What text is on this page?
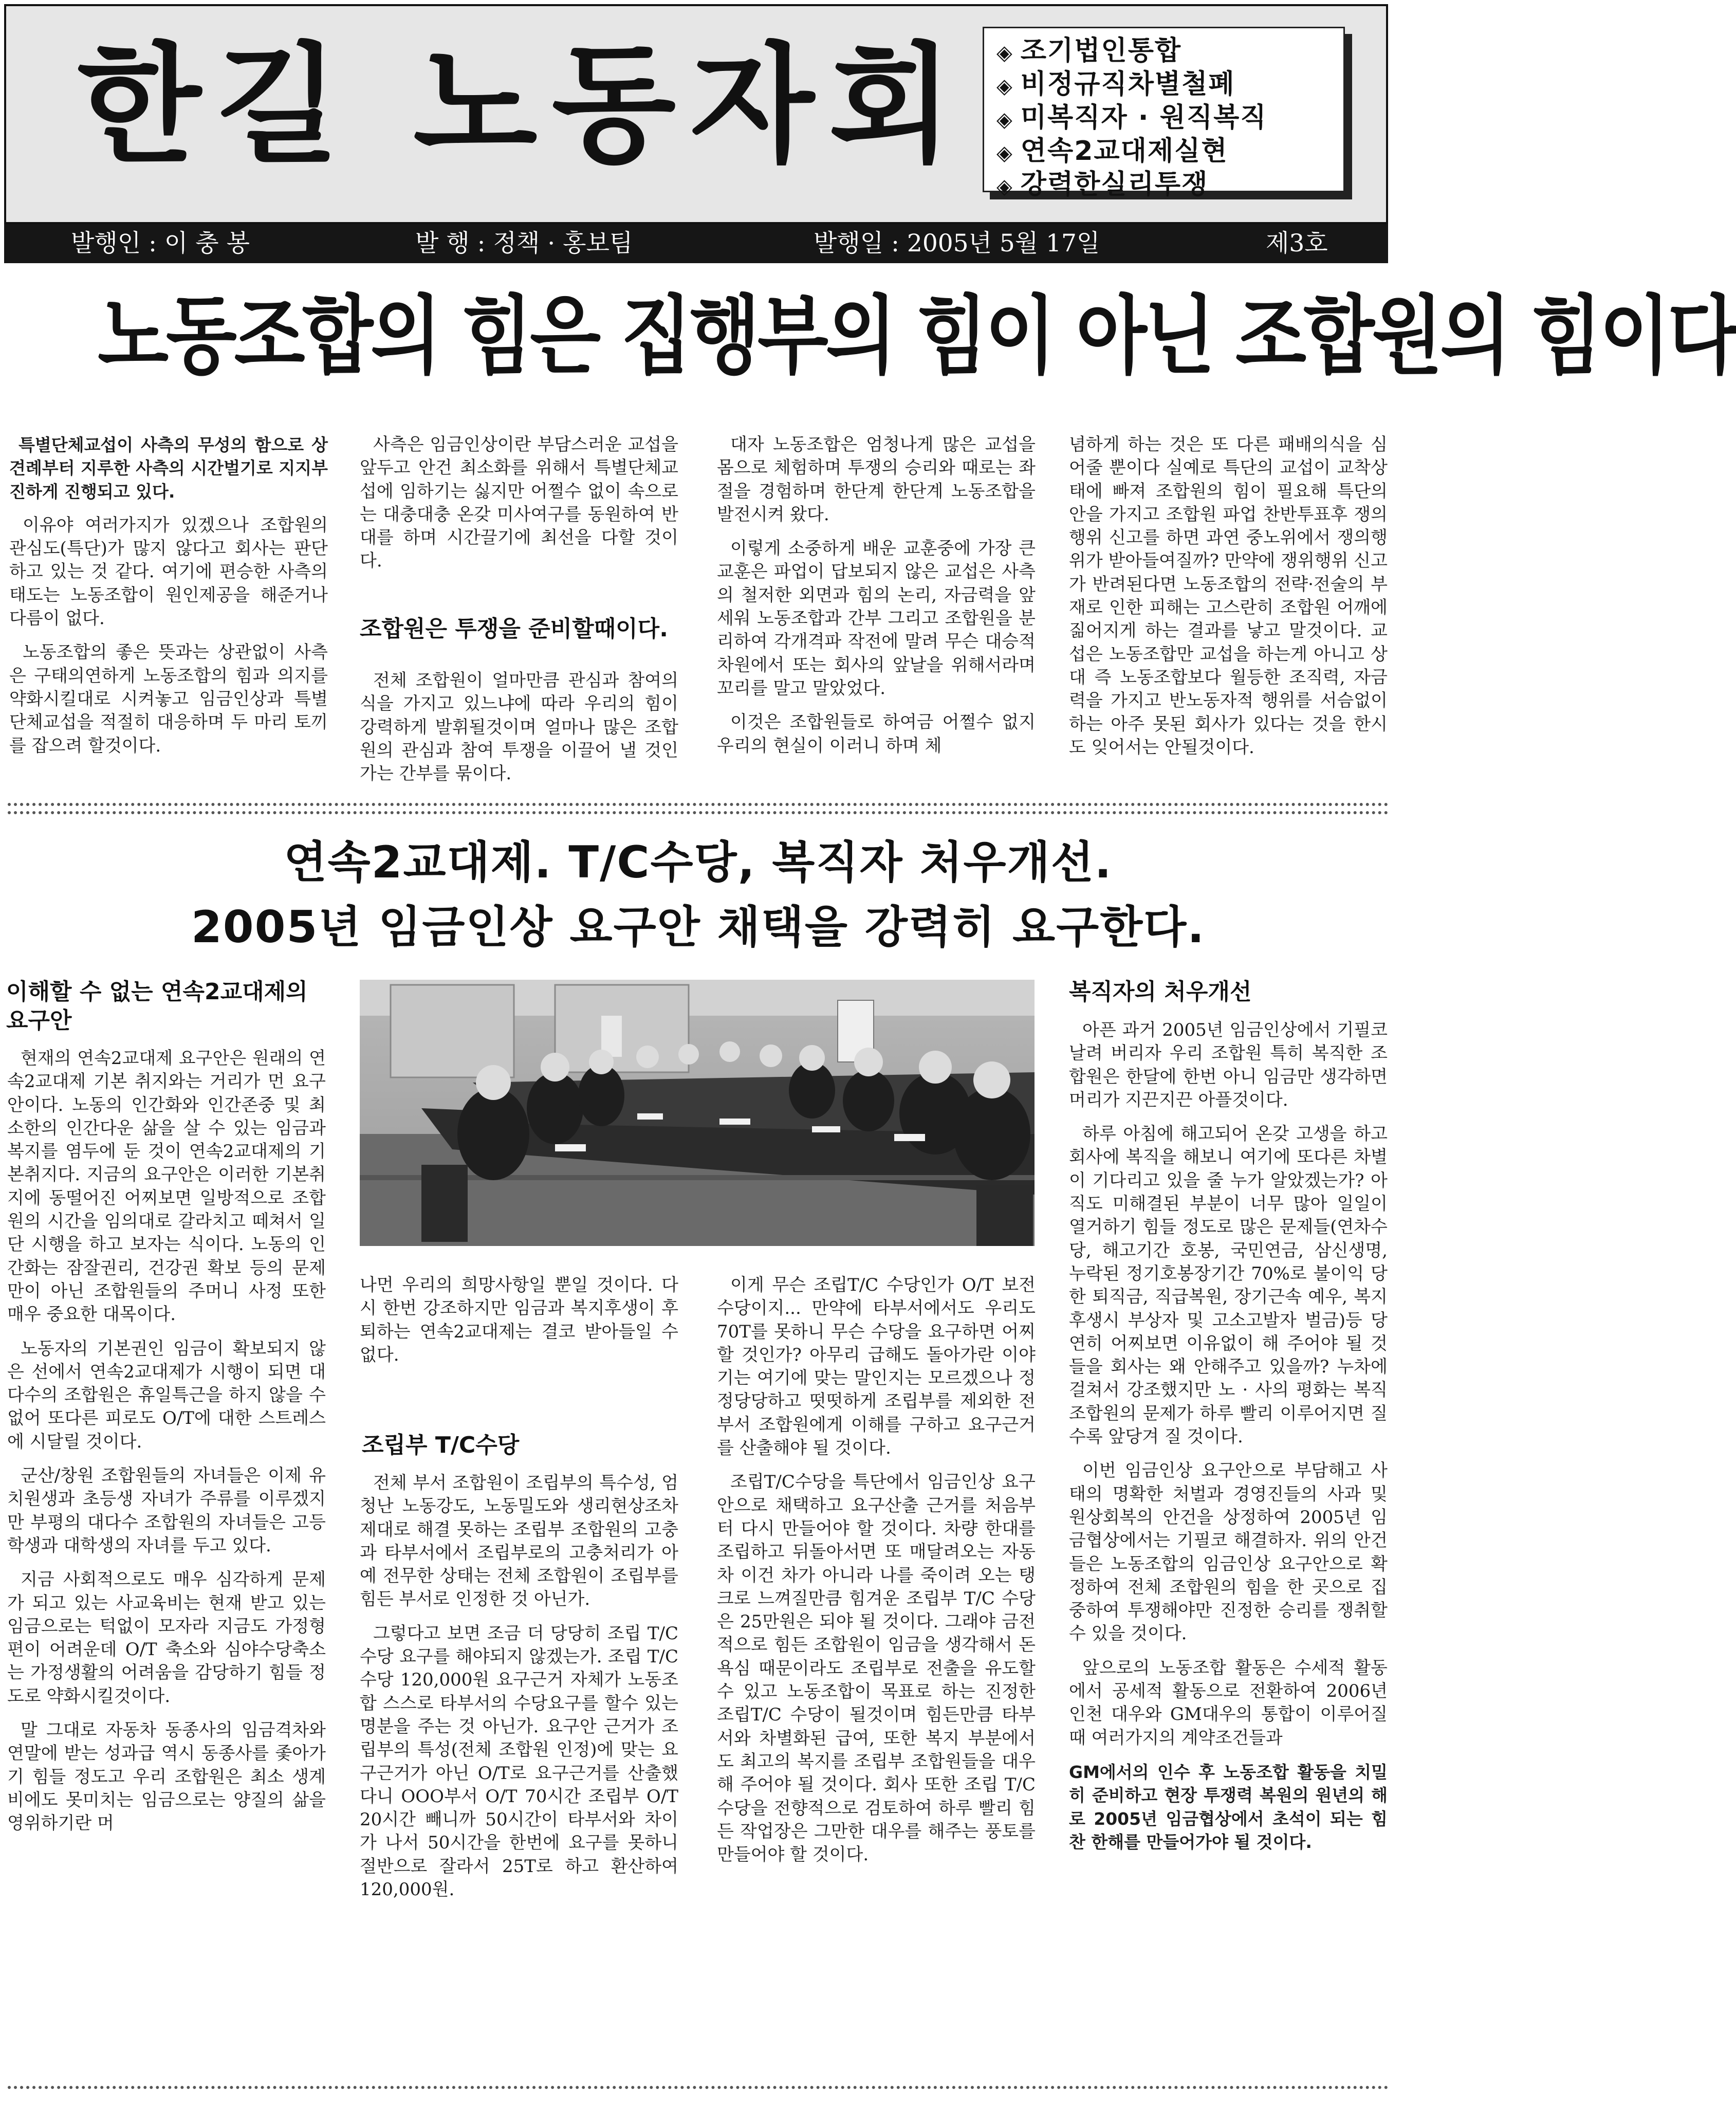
한길 노동자회 ◈ 조기법인통합
◈ 비정규직차별철폐
◈ 미복직자 · 원직복직
◈ 연속2교대제실현
◈ 강력한실리투쟁
발행인 : 이 충 봉	발 행 : 정책 · 홍보팀	발행일 : 2005년 5월 17일	제3호
노동조합의 힘은 집행부의 힘이 아닌 조합원의 힘이다

특별단체교섭이 사측의 무성의 함으로 상견례부터 지루한 사측의 시간벌기로 지지부진하게 진행되고 있다.

이유야 여러가지가 있겠으나 조합원의 관심도(특단)가 많지 않다고 회사는 판단하고 있는 것 같다. 여기에 편승한 사측의 태도는 노동조합이 원인제공을 해준거나 다름이 없다.

노동조합의 좋은 뜻과는 상관없이 사측은 구태의연하게 노동조합의 힘과 의지를 약화시킬대로 시켜놓고 임금인상과 특별단체교섭을 적절히 대응하며 두 마리 토끼를 잡으려 할것이다.

사측은 임금인상이란 부담스러운 교섭을 앞두고 안건 최소화를 위해서 특별단체교섭에 임하기는 싫지만 어쩔수 없이 속으로는 대충대충 온갖 미사여구를 동원하여 반대를 하며 시간끌기에 최선을 다할 것이다.

조합원은 투쟁을 준비할때이다.

전체 조합원이 얼마만큼 관심과 참여의식을 가지고 있느냐에 따라 우리의 힘이 강력하게 발휘될것이며 얼마나 많은 조합원의 관심과 참여 투쟁을 이끌어 낼 것인가는 간부를 묶이다.

대자 노동조합은 엄청나게 많은 교섭을 몸으로 체험하며 투쟁의 승리와 때로는 좌절을 경험하며 한단계 한단계 노동조합을 발전시켜 왔다.

이렇게 소중하게 배운 교훈중에 가장 큰 교훈은 파업이 답보되지 않은 교섭은 사측의 철저한 외면과 힘의 논리, 자금력을 앞세워 노동조합과 간부 그리고 조합원을 분리하여 각개격파 작전에 말려 무슨 대승적차원에서 또는 회사의 앞날을 위해서라며 꼬리를 말고 말았었다.

이것은 조합원들로 하여금 어쩔수 없지 우리의 현실이 이러니 하며 체

념하게 하는 것은 또 다른 패배의식을 심어줄 뿐이다 실예로 특단의 교섭이 교착상태에 빠져 조합원의 힘이 필요해 특단의 안을 가지고 조합원 파업 찬반투표후 쟁의행위 신고를 하면 과연 중노위에서 쟁의행위가 받아들여질까? 만약에 쟁위행위 신고가 반려된다면 노동조합의 전략·전술의 부재로 인한 피해는 고스란히 조합원 어깨에 짊어지게 하는 결과를 낳고 말것이다. 교섭은 노동조합만 교섭을 하는게 아니고 상대 즉 노동조합보다 월등한 조직력, 자금력을 가지고 반노동자적 행위를 서슴없이 하는 아주 못된 회사가 있다는 것을 한시도 잊어서는 안될것이다.

연속2교대제. T/C수당, 복직자 처우개선.
2005년 임금인상 요구안 채택을 강력히 요구한다.
이해할 수 없는 연속2교대제의 요구안

현재의 연속2교대제 요구안은 원래의 연속2교대제 기본 취지와는 거리가 먼 요구안이다. 노동의 인간화와 인간존중 및 최소한의 인간다운 삶을 살 수 있는 임금과 복지를 염두에 둔 것이 연속2교대제의 기본취지다. 지금의 요구안은 이러한 기본취지에 동떨어진 어찌보면 일방적으로 조합원의 시간을 임의대로 갈라치고 떼쳐서 일단 시행을 하고 보자는 식이다. 노동의 인간화는 잠잘권리, 건강권 확보 등의 문제만이 아닌 조합원들의 주머니 사정 또한 매우 중요한 대목이다.

노동자의 기본권인 임금이 확보되지 않은 선에서 연속2교대제가 시행이 되면 대다수의 조합원은 휴일특근을 하지 않을 수 없어 또다른 피로도 O/T에 대한 스트레스에 시달릴 것이다.

군산/창원 조합원들의 자녀들은 이제 유치원생과 초등생 자녀가 주류를 이루겠지만 부평의 대다수 조합원의 자녀들은 고등학생과 대학생의 자녀를 두고 있다.

지금 사회적으로도 매우 심각하게 문제가 되고 있는 사교육비는 현재 받고 있는 임금으로는 턱없이 모자라 지금도 가정형편이 어려운데 O/T 축소와 심야수당축소는 가정생활의 어려움을 감당하기 힘들 정도로 약화시킬것이다.

말 그대로 자동차 동종사의 임금격차와 연말에 받는 성과급 역시 동종사를 좇아가기 힘들 정도고 우리 조합원은 최소 생계비에도 못미치는 임금으로는 양질의 삶을 영위하기란 머

나먼 우리의 희망사항일 뿐일 것이다. 다시 한번 강조하지만 임금과 복지후생이 후퇴하는 연속2교대제는 결코 받아들일 수 없다.

조립부 T/C수당

전체 부서 조합원이 조립부의 특수성, 엄청난 노동강도, 노동밀도와 생리현상조차 제대로 해결 못하는 조립부 조합원의 고충과 타부서에서 조립부로의 고충처리가 아예 전무한 상태는 전체 조합원이 조립부를 힘든 부서로 인정한 것 아닌가.

그렇다고 보면 조금 더 당당히 조립 T/C수당 요구를 해야되지 않겠는가. 조립 T/C수당 120,000원 요구근거 자체가 노동조합 스스로 타부서의 수당요구를 할수 있는 명분을 주는 것 아닌가. 요구안 근거가 조립부의 특성(전체 조합원 인정)에 맞는 요구근거가 아닌 O/T로 요구근거를 산출했다니 OOO부서 O/T 70시간 조립부 O/T 20시간 빼니까 50시간이 타부서와 차이가 나서 50시간을 한번에 요구를 못하니 절반으로 잘라서 25T로 하고 환산하여 120,000원.

이게 무슨 조립T/C 수당인가 O/T 보전수당이지... 만약에 타부서에서도 우리도 70T를 못하니 무슨 수당을 요구하면 어찌 할 것인가? 아무리 급해도 돌아가란 이야기는 여기에 맞는 말인지는 모르겠으나 정정당당하고 떳떳하게 조립부를 제외한 전 부서 조합원에게 이해를 구하고 요구근거를 산출해야 될 것이다.

조립T/C수당을 특단에서 임금인상 요구안으로 채택하고 요구산출 근거를 처음부터 다시 만들어야 할 것이다. 차량 한대를 조립하고 뒤돌아서면 또 매달려오는 자동차 이건 차가 아니라 나를 죽이려 오는 탱크로 느껴질만큼 힘겨운 조립부 T/C 수당은 25만원은 되야 될 것이다. 그래야 금전적으로 힘든 조합원이 임금을 생각해서 돈욕심 때문이라도 조립부로 전출을 유도할 수 있고 노동조합이 목표로 하는 진정한 조립T/C 수당이 될것이며 힘든만큼 타부서와 차별화된 급여, 또한 복지 부분에서도 최고의 복지를 조립부 조합원들을 대우해 주어야 될 것이다. 회사 또한 조립 T/C수당을 전향적으로 검토하여 하루 빨리 힘든 작업장은 그만한 대우를 해주는 풍토를 만들어야 할 것이다.

복직자의 처우개선

아픈 과거 2005년 임금인상에서 기필코 날려 버리자 우리 조합원 특히 복직한 조합원은 한달에 한번 아니 임금만 생각하면 머리가 지끈지끈 아플것이다.

하루 아침에 해고되어 온갖 고생을 하고 회사에 복직을 해보니 여기에 또다른 차별이 기다리고 있을 줄 누가 알았겠는가? 아직도 미해결된 부분이 너무 많아 일일이 열거하기 힘들 정도로 많은 문제들(연차수당, 해고기간 호봉, 국민연금, 삼신생명, 누락된 정기호봉장기간 70%로 불이익 당한 퇴직금, 직급복원, 장기근속 예우, 복지후생시 부상자 및 고소고발자 벌금)등 당연히 어찌보면 이유없이 해 주어야 될 것들을 회사는 왜 안해주고 있을까? 누차에 걸쳐서 강조했지만 노 · 사의 평화는 복직 조합원의 문제가 하루 빨리 이루어지면 질수록 앞당겨 질 것이다.

이번 임금인상 요구안으로 부담해고 사태의 명확한 처벌과 경영진들의 사과 및 원상회복의 안건을 상정하여 2005년 임금협상에서는 기필코 해결하자. 위의 안건들은 노동조합의 임금인상 요구안으로 확정하여 전체 조합원의 힘을 한 곳으로 집중하여 투쟁해야만 진정한 승리를 쟁취할 수 있을 것이다.

앞으로의 노동조합 활동은 수세적 활동에서 공세적 활동으로 전환하여 2006년 인천 대우와 GM대우의 통합이 이루어질 때 여러가지의 계약조건들과

GM에서의 인수 후 노동조합 활동을 치밀히 준비하고 현장 투쟁력 복원의 원년의 해로 2005년 임금협상에서 초석이 되는 힘찬 한해를 만들어가야 될 것이다.
